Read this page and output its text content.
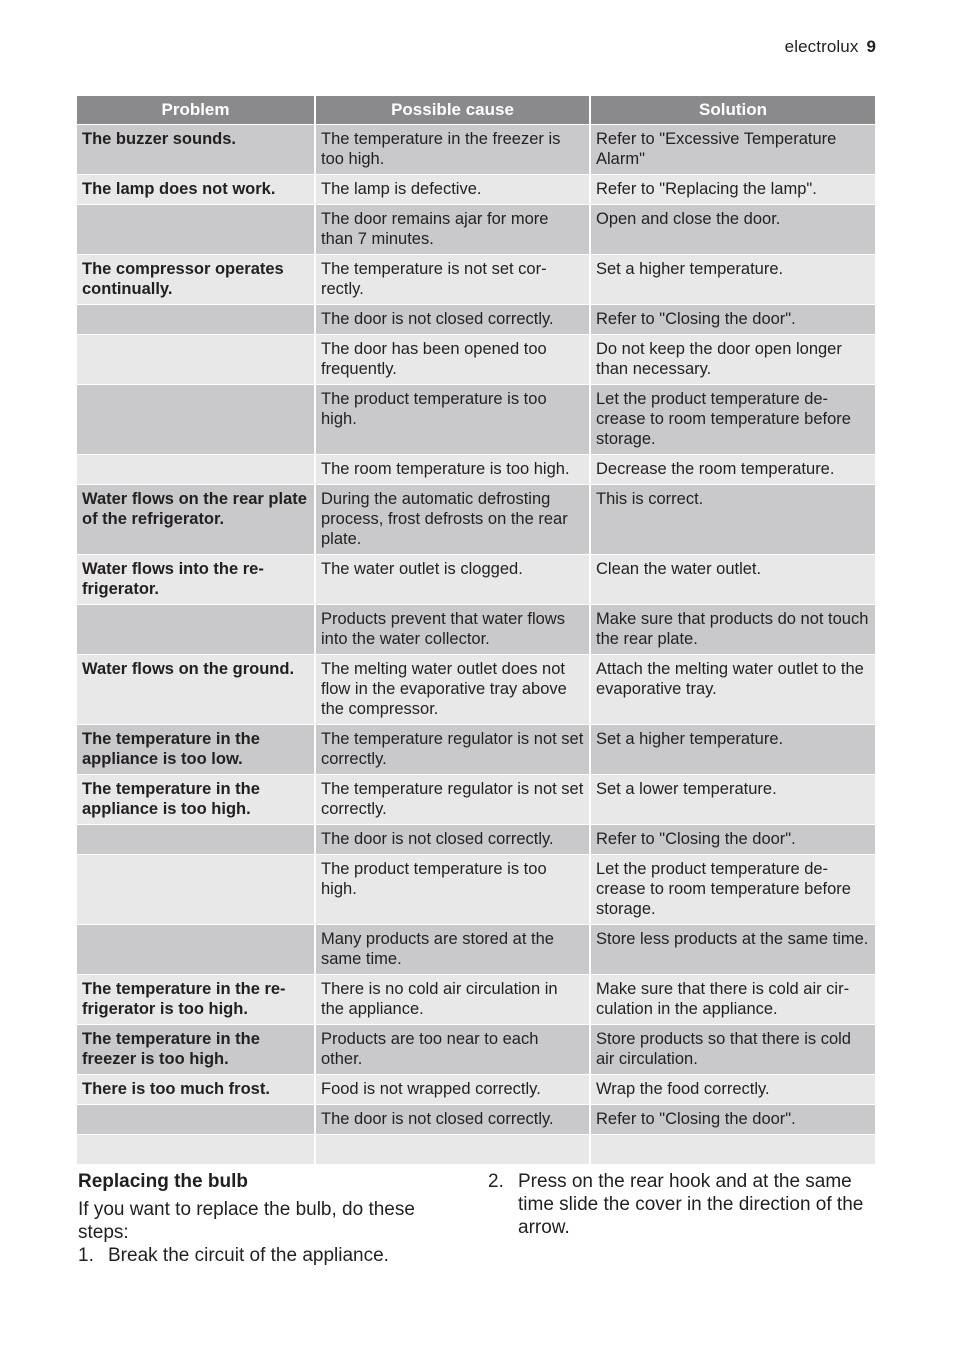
electrolux 9
Problem	Possible cause	Solution
The buzzer sounds.	The temperature in the freezer is too high.	Refer to "Excessive Temperature Alarm"
The lamp does not work.	The lamp is defective.	Refer to "Replacing the lamp".
	The door remains ajar for more than 7 minutes.	Open and close the door.
The compressor operates continually.	The temperature is not set cor-rectly.	Set a higher temperature.
	The door is not closed correctly.	Refer to "Closing the door".
	The door has been opened too frequently.	Do not keep the door open longer than necessary.
	The product temperature is too high.	Let the product temperature de-crease to room temperature before storage.
	The room temperature is too high.	Decrease the room temperature.
Water flows on the rear plate of the refrigerator.	During the automatic defrosting process, frost defrosts on the rear plate.	This is correct.
Water flows into the re-frigerator.	The water outlet is clogged.	Clean the water outlet.
	Products prevent that water flows into the water collector.	Make sure that products do not touch the rear plate.
Water flows on the ground.	The melting water outlet does not flow in the evaporative tray above the compressor.	Attach the melting water outlet to the evaporative tray.
The temperature in the appliance is too low.	The temperature regulator is not set correctly.	Set a higher temperature.
The temperature in the appliance is too high.	The temperature regulator is not set correctly.	Set a lower temperature.
	The door is not closed correctly.	Refer to "Closing the door".
	The product temperature is too high.	Let the product temperature de-crease to room temperature before storage.
	Many products are stored at the same time.	Store less products at the same time.
The temperature in the re-frigerator is too high.	There is no cold air circulation in the appliance.	Make sure that there is cold air cir-culation in the appliance.
The temperature in the freezer is too high.	Products are too near to each other.	Store products so that there is cold air circulation.
There is too much frost.	Food is not wrapped correctly.	Wrap the food correctly.
	The door is not closed correctly.	Refer to "Closing the door".

Replacing the bulb

If you want to replace the bulb, do these steps:

1. Break the circuit of the appliance.
2. Press on the rear hook and at the same time slide the cover in the direction of the arrow.
